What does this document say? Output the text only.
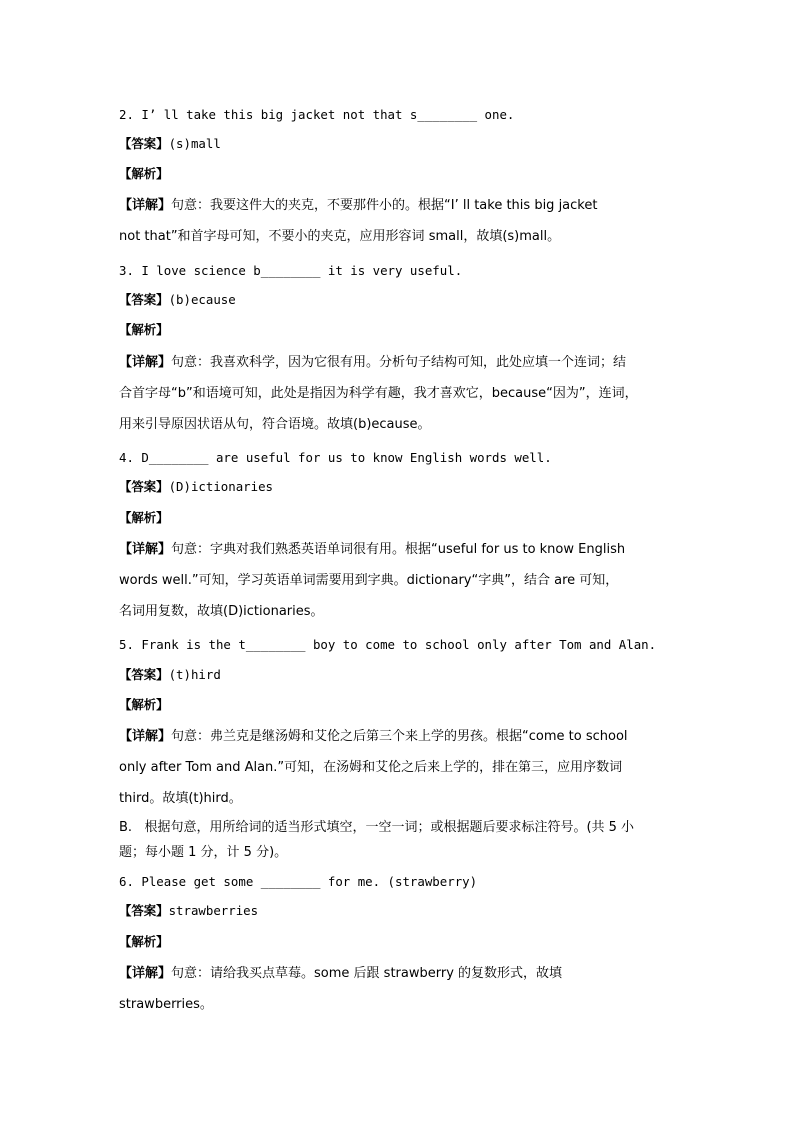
2. I’ ll take this big jacket not that s________ one.

【答案】(s)mall

【解析】

【详解】句意：我要这件大的夹克，不要那件小的。根据“I’ ll take this big jacket

not that”和首字母可知，不要小的夹克，应用形容词 small，故填(s)mall。

3. I love science b________ it is very useful.

【答案】(b)ecause

【解析】

【详解】句意：我喜欢科学，因为它很有用。分析句子结构可知，此处应填一个连词；结

合首字母“b”和语境可知，此处是指因为科学有趣，我才喜欢它，because“因为”，连词，

用来引导原因状语从句，符合语境。故填(b)ecause。

4. D________ are useful for us to know English words well.

【答案】(D)ictionaries

【解析】

【详解】句意：字典对我们熟悉英语单词很有用。根据“useful for us to know English

words well.”可知，学习英语单词需要用到字典。dictionary“字典”，结合 are 可知，

名词用复数，故填(D)ictionaries。

5. Frank is the t________ boy to come to school only after Tom and Alan.

【答案】(t)hird

【解析】

【详解】句意：弗兰克是继汤姆和艾伦之后第三个来上学的男孩。根据“come to school

only after Tom and Alan.”可知，在汤姆和艾伦之后来上学的，排在第三，应用序数词

third。故填(t)hird。

B.   根据句意，用所给词的适当形式填空，一空一词；或根据题后要求标注符号。(共 5 小

题；每小题 1 分，计 5 分)。

6. Please get some ________ for me. (strawberry)

【答案】strawberries

【解析】

【详解】句意：请给我买点草莓。some 后跟 strawberry 的复数形式，故填

strawberries。
